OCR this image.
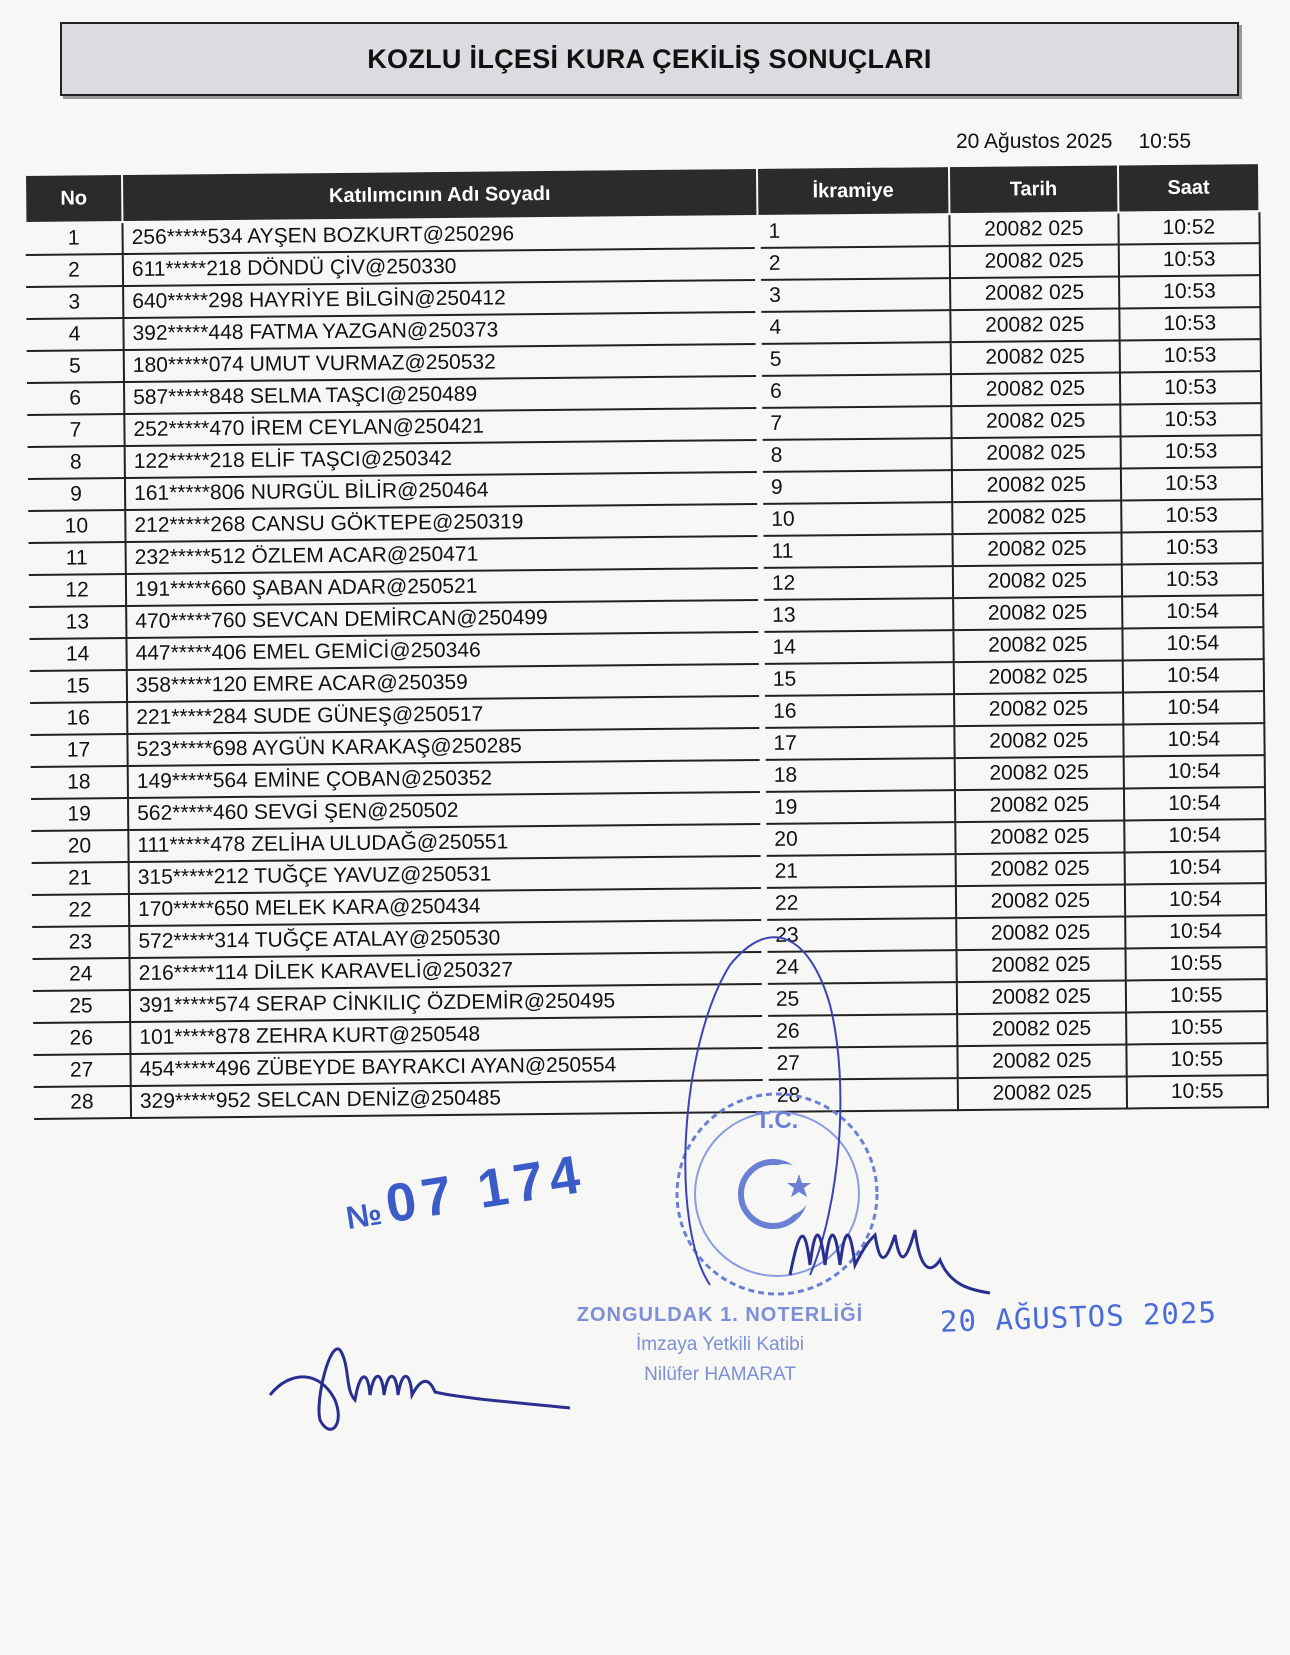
KOZLU İLÇESİ KURA ÇEKİLİŞ SONUÇLARI
20 Ağustos 2025 10:55
No	Katılımcının Adı Soyadı	İkramiye	Tarih	Saat
1	256*****534 AYŞEN BOZKURT@250296	1	20082 025	10:52
2	611*****218 DÖNDÜ ÇİV@250330	2	20082 025	10:53
3	640*****298 HAYRİYE BİLGİN@250412	3	20082 025	10:53
4	392*****448 FATMA YAZGAN@250373	4	20082 025	10:53
5	180*****074 UMUT VURMAZ@250532	5	20082 025	10:53
6	587*****848 SELMA TAŞCI@250489	6	20082 025	10:53
7	252*****470 İREM CEYLAN@250421	7	20082 025	10:53
8	122*****218 ELİF TAŞCI@250342	8	20082 025	10:53
9	161*****806 NURGÜL BİLİR@250464	9	20082 025	10:53
10	212*****268 CANSU GÖKTEPE@250319	10	20082 025	10:53
11	232*****512 ÖZLEM ACAR@250471	11	20082 025	10:53
12	191*****660 ŞABAN ADAR@250521	12	20082 025	10:53
13	470*****760 SEVCAN DEMİRCAN@250499	13	20082 025	10:54
14	447*****406 EMEL GEMİCİ@250346	14	20082 025	10:54
15	358*****120 EMRE ACAR@250359	15	20082 025	10:54
16	221*****284 SUDE GÜNEŞ@250517	16	20082 025	10:54
17	523*****698 AYGÜN KARAKAŞ@250285	17	20082 025	10:54
18	149*****564 EMİNE ÇOBAN@250352	18	20082 025	10:54
19	562*****460 SEVGİ ŞEN@250502	19	20082 025	10:54
20	111*****478 ZELİHA ULUDAĞ@250551	20	20082 025	10:54
21	315*****212 TUĞÇE YAVUZ@250531	21	20082 025	10:54
22	170*****650 MELEK KARA@250434	22	20082 025	10:54
23	572*****314 TUĞÇE ATALAY@250530	23	20082 025	10:54
24	216*****114 DİLEK KARAVELİ@250327	24	20082 025	10:55
25	391*****574 SERAP CİNKILIÇ ÖZDEMİR@250495	25	20082 025	10:55
26	101*****878 ZEHRA KURT@250548	26	20082 025	10:55
27	454*****496 ZÜBEYDE BAYRAKCI AYAN@250554	27	20082 025	10:55
28	329*****952 SELCAN DENİZ@250485	28	20082 025	10:55
№ 07 174
T.C.
ZONGULDAK 1. NOTERLİĞİ
İmzaya Yetkili Katibi
Nilüfer HAMARAT
20 AĞUSTOS 2025
